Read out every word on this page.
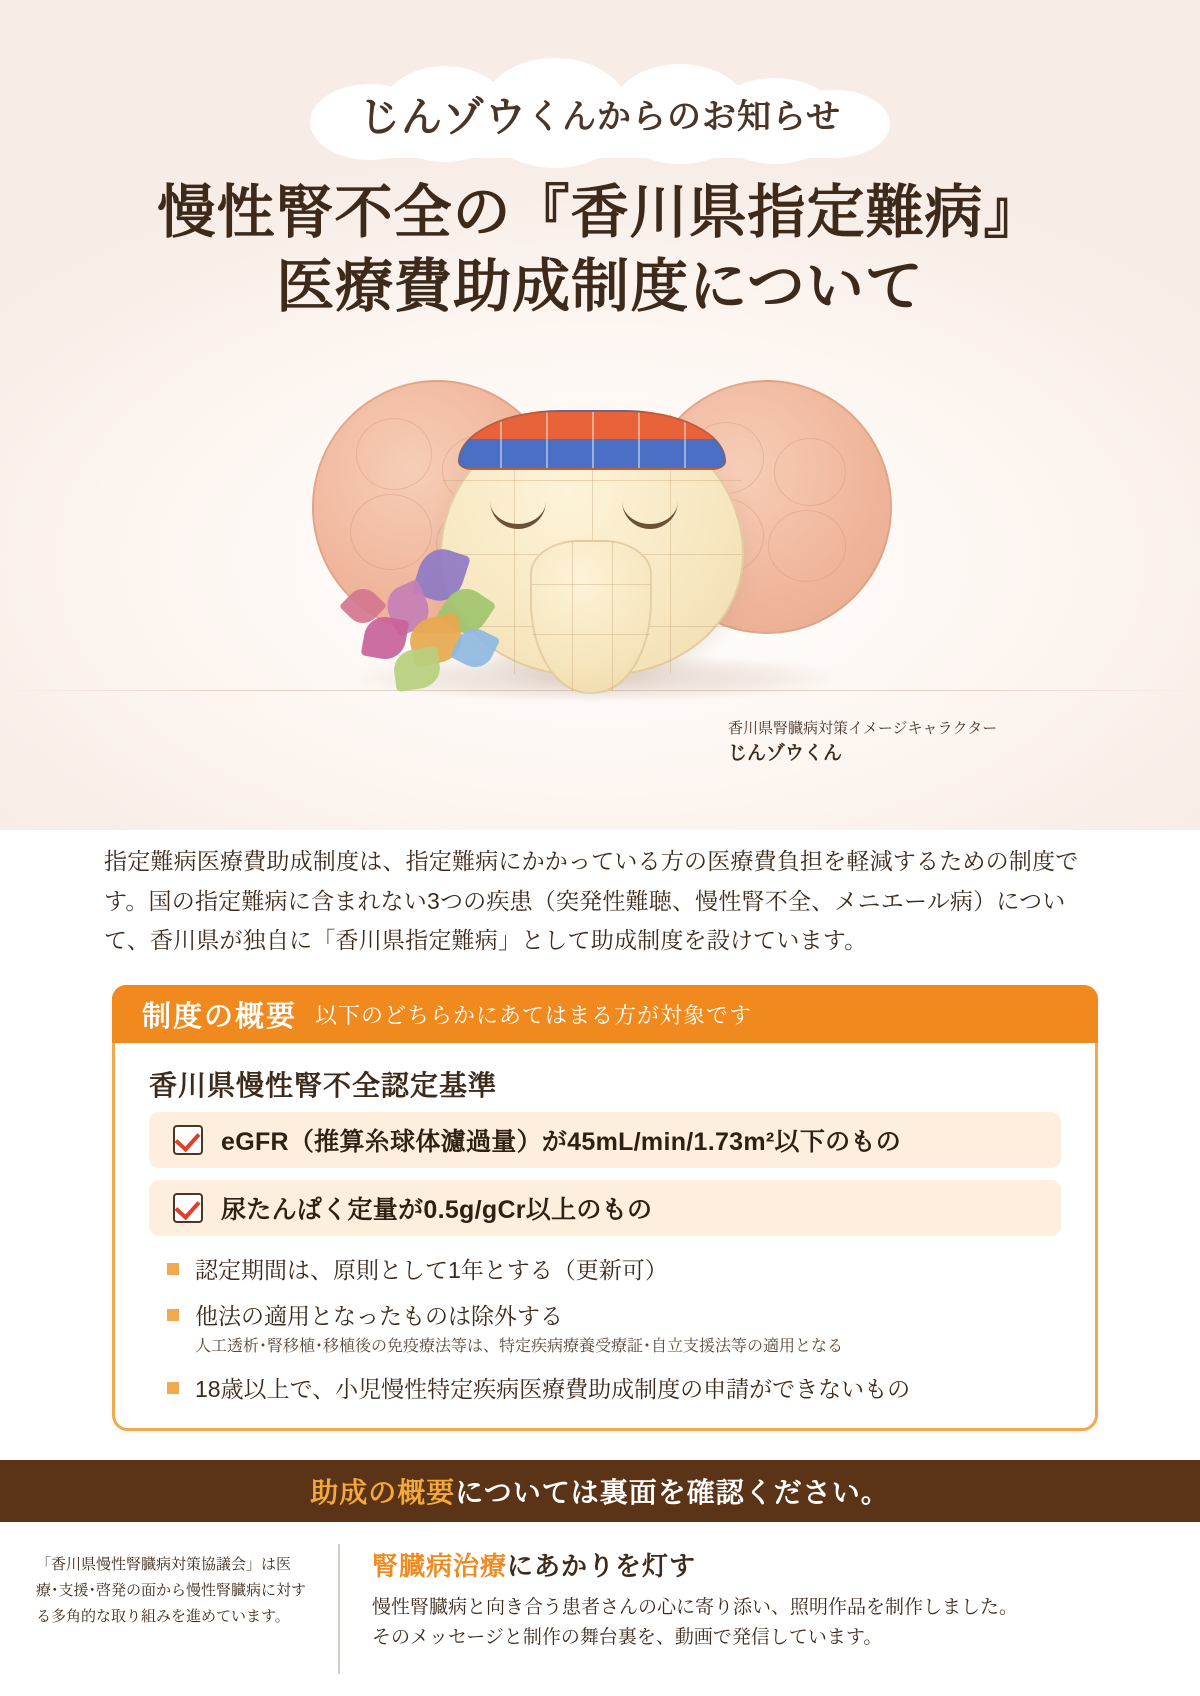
じんゾウ くんからのお知らせ
慢性腎不全の『香川県指定難病』
医療費助成制度について
香川県腎臓病対策イメージキャラクター
じんゾウくん
指定難病医療費助成制度は、指定難病にかかっている方の医療費負担を軽減するための制度です。国の指定難病に含まれない3つの疾患（突発性難聴、慢性腎不全、メニエール病）について、香川県が独自に「香川県指定難病」として助成制度を設けています。
制度の概要 以下のどちらかにあてはまる方が対象です
香川県慢性腎不全認定基準
eGFR（推算糸球体濾過量）が45mL/min/1.73m²以下のもの
尿たんぱく定量が0.5g/gCr以上のもの
認定期間は、原則として1年とする（更新可）
他法の適用となったものは除外する
人工透析･腎移植･移植後の免疫療法等は、特定疾病療養受療証･自立支援法等の適用となる
18歳以上で、小児慢性特定疾病医療費助成制度の申請ができないもの
助成の概要 については裏面を確認ください。
「香川県慢性腎臓病対策協議会」は医療･支援･啓発の面から慢性腎臓病に対する多角的な取り組みを進めています。
腎臓病治療にあかりを灯す
慢性腎臓病と向き合う患者さんの心に寄り添い、照明作品を制作しました。
そのメッセージと制作の舞台裏を、動画で発信しています。
